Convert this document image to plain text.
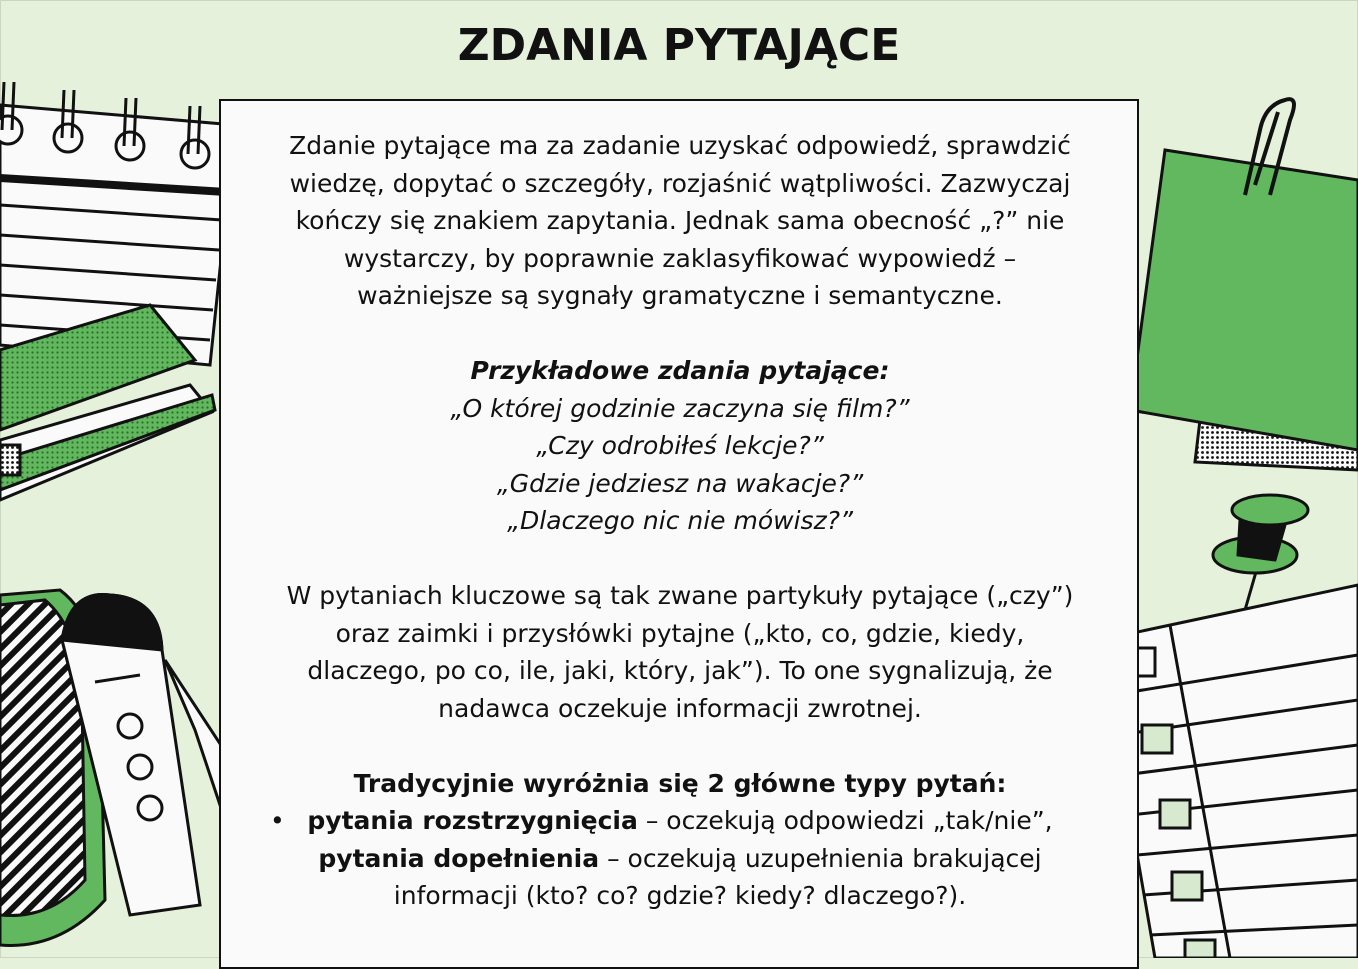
ZDANIA PYTAJĄCE

Zdanie pytające ma za zadanie uzyskać odpowiedź, sprawdzić

wiedzę, dopytać o szczegóły, rozjaśnić wątpliwości. Zazwyczaj

kończy się znakiem zapytania. Jednak sama obecność „?” nie

wystarczy, by poprawnie zaklasyfikować wypowiedź –

ważniejsze są sygnały gramatyczne i semantyczne.

Przykładowe zdania pytające:

„O której godzinie zaczyna się film?”

„Czy odrobiłeś lekcje?”

„Gdzie jedziesz na wakacje?”

„Dlaczego nic nie mówisz?”

W pytaniach kluczowe są tak zwane partykuły pytające („czy”)

oraz zaimki i przysłówki pytajne („kto, co, gdzie, kiedy,

dlaczego, po co, ile, jaki, który, jak”). To one sygnalizują, że

nadawca oczekuje informacji zwrotnej.

Tradycyjnie wyróżnia się 2 główne typy pytań:

• pytania rozstrzygnięcia – oczekują odpowiedzi „tak/nie”,

pytania dopełnienia – oczekują uzupełnienia brakującej

informacji (kto? co? gdzie? kiedy? dlaczego?).
